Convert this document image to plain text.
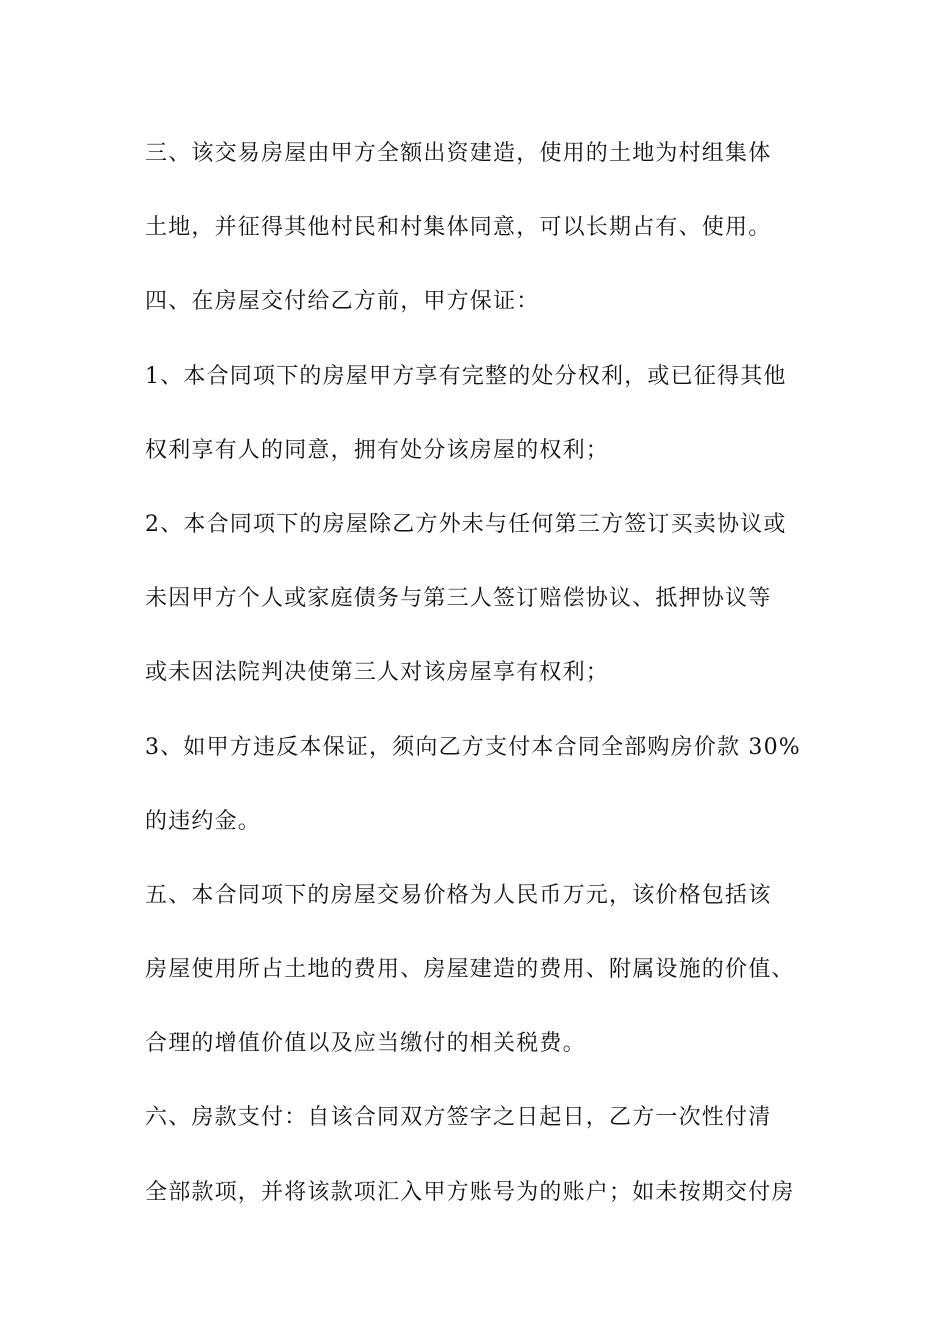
三、该交易房屋由甲方全额出资建造，使用的土地为村组集体
土地，并征得其他村民和村集体同意，可以长期占有、使用。
四、在房屋交付给乙方前，甲方保证：
1、本合同项下的房屋甲方享有完整的处分权利，或已征得其他
权利享有人的同意，拥有处分该房屋的权利；
2、本合同项下的房屋除乙方外未与任何第三方签订买卖协议或
未因甲方个人或家庭债务与第三人签订赔偿协议、抵押协议等
或未因法院判决使第三人对该房屋享有权利；
3、如甲方违反本保证，须向乙方支付本合同全部购房价款 30%
的违约金。
五、本合同项下的房屋交易价格为人民币万元，该价格包括该
房屋使用所占土地的费用、房屋建造的费用、附属设施的价值、
合理的增值价值以及应当缴付的相关税费。
六、房款支付：自该合同双方签字之日起日，乙方一次性付清
全部款项，并将该款项汇入甲方账号为的账户；如未按期交付房
